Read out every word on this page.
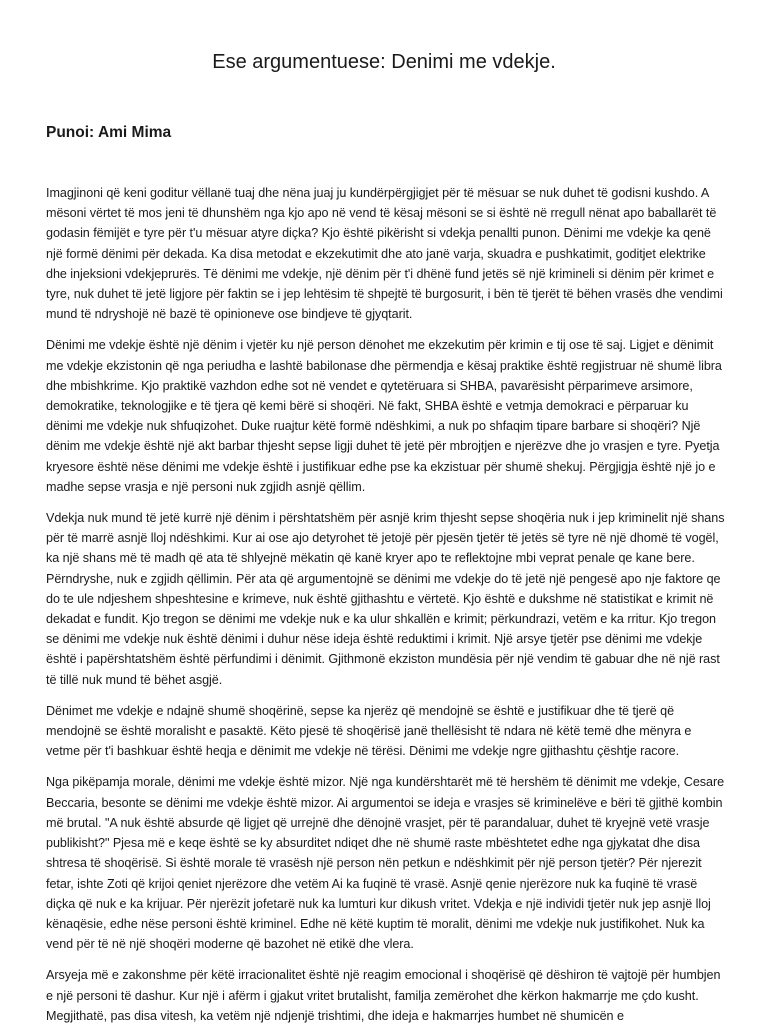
Ese argumentuese: Denimi me vdekje.
Punoi: Ami Mima

Imagjinoni që keni goditur vëllanë tuaj dhe nëna juaj ju kundërpërgjigjet për të mësuar se nuk duhet të godisni kushdo. A mësoni vërtet të mos jeni të dhunshëm nga kjo apo në vend të kësaj mësoni se si është në rregull nënat apo baballarët të godasin fëmijët e tyre për t'u mësuar atyre diçka? Kjo është pikërisht si vdekja penallti punon. Dënimi me vdekje ka qenë një formë dënimi për dekada. Ka disa metodat e ekzekutimit dhe ato janë varja, skuadra e pushkatimit, goditjet elektrike dhe injeksioni vdekjeprurës. Të dënimi me vdekje, një dënim për t'i dhënë fund jetës së një krimineli si dënim për krimet e tyre, nuk duhet të jetë ligjore për faktin se i jep lehtësim të shpejtë të burgosurit, i bën të tjerët të bëhen vrasës dhe vendimi mund të ndryshojë në bazë të opinioneve ose bindjeve të gjyqtarit.

Dënimi me vdekje është një dënim i vjetër ku një person dënohet me ekzekutim për krimin e tij ose të saj. Ligjet e dënimit me vdekje ekzistonin që nga periudha e lashtë babilonase dhe përmendja e kësaj praktike është regjistruar në shumë libra dhe mbishkrime. Kjo praktikë vazhdon edhe sot në vendet e qytetëruara si SHBA, pavarësisht përparimeve arsimore, demokratike, teknologjike e të tjera që kemi bërë si shoqëri. Në fakt, SHBA është e vetmja demokraci e përparuar ku dënimi me vdekje nuk shfuqizohet. Duke ruajtur këtë formë ndëshkimi, a nuk po shfaqim tipare barbare si shoqëri? Një dënim me vdekje është një akt barbar thjesht sepse ligji duhet të jetë për mbrojtjen e njerëzve dhe jo vrasjen e tyre. Pyetja kryesore është nëse dënimi me vdekje është i justifikuar edhe pse ka ekzistuar për shumë shekuj. Përgjigja është një jo e madhe sepse vrasja e një personi nuk zgjidh asnjë qëllim.

Vdekja nuk mund të jetë kurrë një dënim i përshtatshëm për asnjë krim thjesht sepse shoqëria nuk i jep kriminelit një shans për të marrë asnjë lloj ndëshkimi. Kur ai ose ajo detyrohet të jetojë për pjesën tjetër të jetës së tyre në një dhomë të vogël, ka një shans më të madh që ata të shlyejnë mëkatin që kanë kryer apo te reflektojne mbi veprat penale qe kane bere. Përndryshe, nuk e zgjidh qëllimin. Për ata që argumentojnë se dënimi me vdekje do të jetë një pengesë apo nje faktore qe do te ule ndjeshem shpeshtesine e krimeve, nuk është gjithashtu e vërtetë. Kjo është e dukshme në statistikat e krimit në dekadat e fundit. Kjo tregon se dënimi me vdekje nuk e ka ulur shkallën e krimit; përkundrazi, vetëm e ka rritur. Kjo tregon se dënimi me vdekje nuk është dënimi i duhur nëse ideja është reduktimi i krimit. Një arsye tjetër pse dënimi me vdekje është i papërshtatshëm është përfundimi i dënimit. Gjithmonë ekziston mundësia për një vendim të gabuar dhe në një rast të tillë nuk mund të bëhet asgjë.

Dënimet me vdekje e ndajnë shumë shoqërinë, sepse ka njerëz që mendojnë se është e justifikuar dhe të tjerë që mendojnë se është moralisht e pasaktë. Këto pjesë të shoqërisë janë thellësisht të ndara në këtë temë dhe mënyra e vetme për t'i bashkuar është heqja e dënimit me vdekje në tërësi. Dënimi me vdekje ngre gjithashtu çështje racore.

Nga pikëpamja morale, dënimi me vdekje është mizor. Një nga kundërshtarët më të hershëm të dënimit me vdekje, Cesare Beccaria, besonte se dënimi me vdekje është mizor. Ai argumentoi se ideja e vrasjes së kriminelëve e bëri të gjithë kombin më brutal. "A nuk është absurde që ligjet që urrejnë dhe dënojnë vrasjet, për të parandaluar, duhet të kryejnë vetë vrasje publikisht?" Pjesa më e keqe është se ky absurditet ndiqet dhe në shumë raste mbështetet edhe nga gjykatat dhe disa shtresa të shoqërisë. Si është morale të vrasësh një person nën petkun e ndëshkimit për një person tjetër? Për njerezit fetar, ishte Zoti që krijoi qeniet njerëzore dhe vetëm Ai ka fuqinë të vrasë. Asnjë qenie njerëzore nuk ka fuqinë të vrasë diçka që nuk e ka krijuar. Për njerëzit jofetarë nuk ka lumturi kur dikush vritet. Vdekja e një individi tjetër nuk jep asnjë lloj kënaqësie, edhe nëse personi është kriminel. Edhe në këtë kuptim të moralit, dënimi me vdekje nuk justifikohet. Nuk ka vend për të në një shoqëri moderne që bazohet në etikë dhe vlera.

Arsyeja më e zakonshme për këtë irracionalitet është një reagim emocional i shoqërisë që dëshiron të vajtojë për humbjen e një personi të dashur. Kur një i afërm i gjakut vritet brutalisht, familja zemërohet dhe kërkon hakmarrje me çdo kusht. Megjithatë, pas disa vitesh, ka vetëm një ndjenjë trishtimi, dhe ideja e hakmarrjes humbet në shumicën e
